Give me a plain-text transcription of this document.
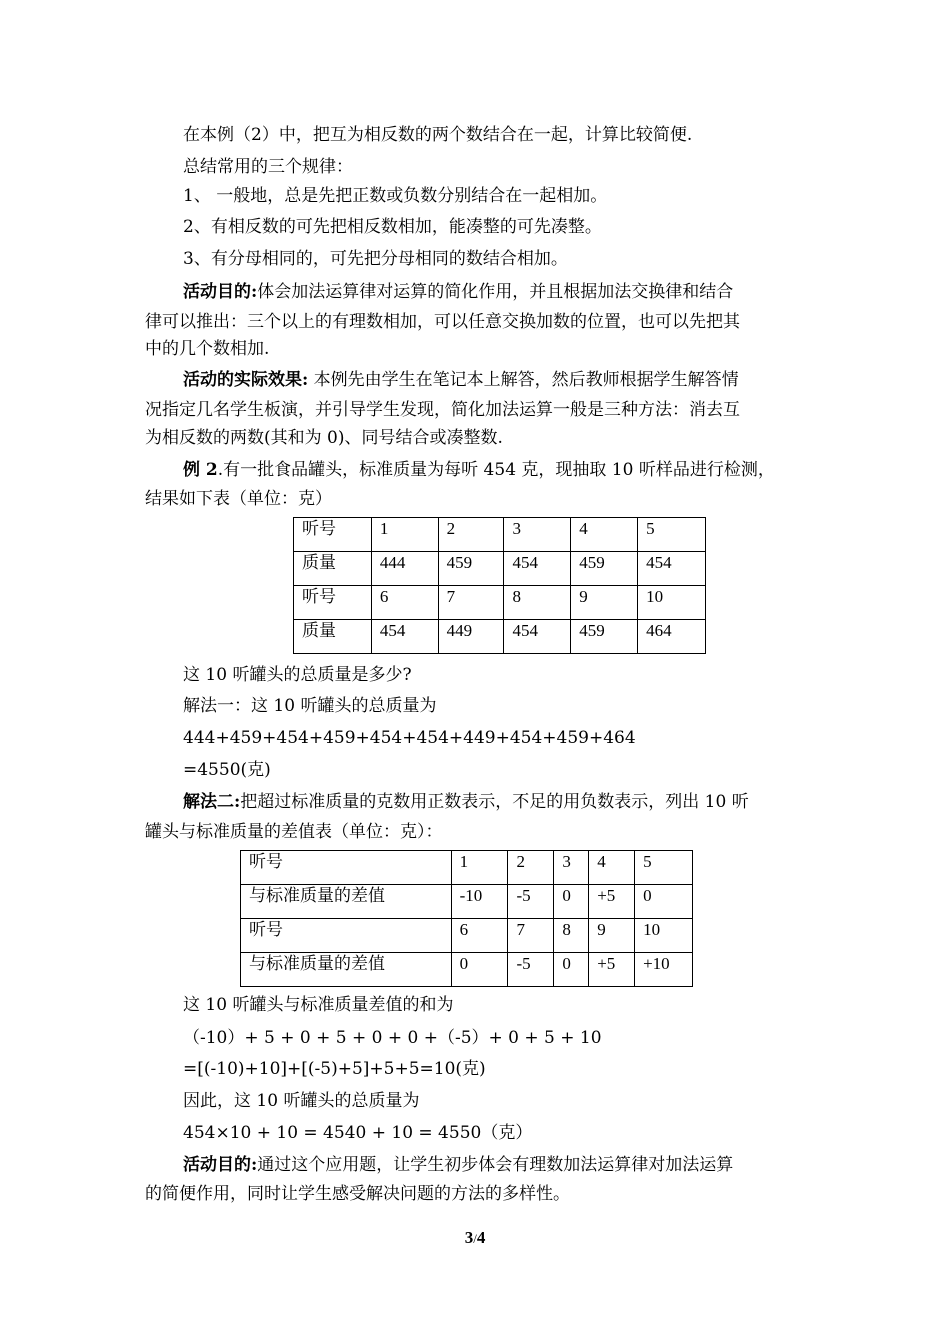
在本例（2）中，把互为相反数的两个数结合在一起，计算比较简便.
总结常用的三个规律：
1、 一般地，总是先把正数或负数分别结合在一起相加。
2、有相反数的可先把相反数相加，能凑整的可先凑整。
3、有分母相同的，可先把分母相同的数结合相加。
活动目的:体会加法运算律对运算的简化作用，并且根据加法交换律和结合
律可以推出：三个以上的有理数相加，可以任意交换加数的位置，也可以先把其
中的几个数相加.
活动的实际效果: 本例先由学生在笔记本上解答，然后教师根据学生解答情
况指定几名学生板演，并引导学生发现，简化加法运算一般是三种方法：消去互
为相反数的两数(其和为 0)、同号结合或凑整数.
例 2.有一批食品罐头，标准质量为每听 454 克，现抽取 10 听样品进行检测，
结果如下表（单位：克）
听号	1	2	3	4	5
质量	444	459	454	459	454
听号	6	7	8	9	10
质量	454	449	454	459	464
这 10 听罐头的总质量是多少?
解法一：这 10 听罐头的总质量为
444+459+454+459+454+454+449+454+459+464
=4550(克)
解法二:把超过标准质量的克数用正数表示，不足的用负数表示，列出 10 听
罐头与标准质量的差值表（单位：克）：
听号	1	2	3	4	5
与标准质量的差值	-10	-5	0	+5	0
听号	6	7	8	9	10
与标准质量的差值	0	-5	0	+5	+10
这 10 听罐头与标准质量差值的和为
（-10）+ 5 + 0 + 5 + 0 + 0 +（-5）+ 0 + 5 + 10
=[(-10)+10]+[(-5)+5]+5+5=10(克)
因此，这 10 听罐头的总质量为
454×10 + 10 = 4540 + 10 = 4550（克）
活动目的:通过这个应用题，让学生初步体会有理数加法运算律对加法运算
的简便作用，同时让学生感受解决问题的方法的多样性。
3/4
